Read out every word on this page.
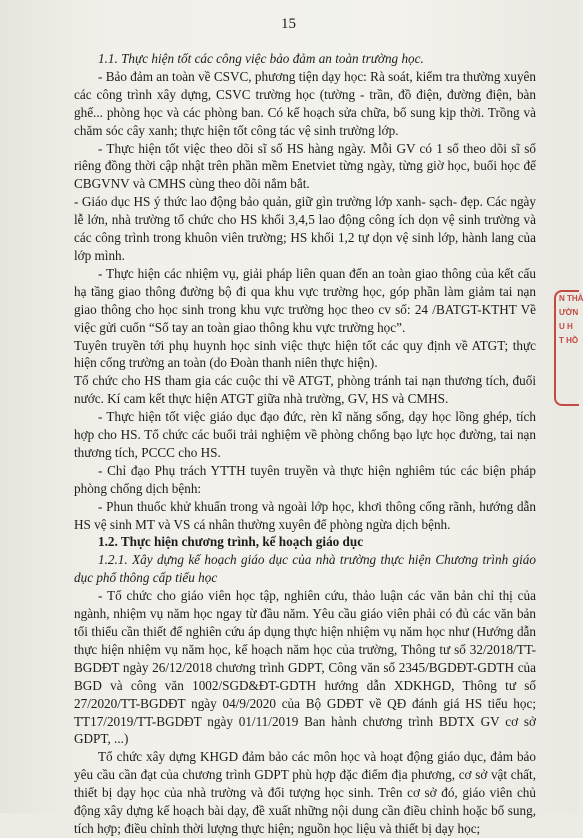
15

1.1. Thực hiện tốt các công việc bảo đảm an toàn trường học.

- Bảo đảm an toàn về CSVC, phương tiện dạy học: Rà soát, kiểm tra thường xuyên các công trình xây dựng, CSVC trường học (tường - trần, đồ điện, đường điện, bàn ghế... phòng học và các phòng ban. Có kế hoạch sửa chữa, bổ sung kịp thời. Trồng và chăm sóc cây xanh; thực hiện tốt công tác vệ sinh trường lớp.

- Thực hiện tốt việc theo dõi sĩ số HS hàng ngày. Mỗi GV có 1 sổ theo dõi sĩ số riêng đồng thời cập nhật trên phần mềm Enetviet từng ngày, từng giờ học, buổi học để CBGVNV và CMHS cùng theo dõi nắm bắt.

- Giáo dục HS ý thức lao động bảo quản, giữ gìn trường lớp xanh- sạch- đẹp. Các ngày lễ lớn, nhà trường tổ chức cho HS khối 3,4,5 lao động công ích dọn vệ sinh trường và các công trình trong khuôn viên trường; HS khối 1,2 tự dọn vệ sinh lớp, hành lang của lớp mình.

- Thực hiện các nhiệm vụ, giải pháp liên quan đến an toàn giao thông của kết cấu hạ tầng giao thông đường bộ đi qua khu vực trường học, góp phần làm giảm tai nạn giao thông cho học sinh trong khu vực trường học theo cv số: 24 /BATGT-KTHT Về việc gửi cuốn “Sổ tay an toàn giao thông khu vực trường học”.

Tuyên truyền tới phụ huynh học sinh việc thực hiện tốt các quy định về ATGT; thực hiện cổng trường an toàn (do Đoàn thanh niên thực hiện).

Tổ chức cho HS tham gia các cuộc thi về ATGT, phòng tránh tai nạn thương tích, đuối nước. Kí cam kết thực hiện ATGT giữa nhà trường, GV, HS và CMHS.

- Thực hiện tốt việc giáo dục đạo đức, rèn kĩ năng sống, dạy học lồng ghép, tích hợp cho HS. Tổ chức các buổi trải nghiệm về phòng chống bạo lực học đường, tai nạn thương tích, PCCC cho HS.

- Chỉ đạo Phụ trách YTTH tuyên truyền và thực hiện nghiêm túc các biện pháp phòng chống dịch bệnh:

- Phun thuốc khử khuẩn trong và ngoài lớp học, khơi thông cống rãnh, hướng dẫn HS vệ sinh MT và VS cá nhân thường xuyên để phòng ngừa dịch bệnh.

1.2. Thực hiện chương trình, kế hoạch giáo dục

1.2.1. Xây dựng kế hoạch giáo dục của nhà trường thực hiện Chương trình giáo dục phổ thông cấp tiểu học

- Tổ chức cho giáo viên học tập, nghiên cứu, thảo luận các văn bản chỉ thị của ngành, nhiệm vụ năm học ngay từ đầu năm. Yêu cầu giáo viên phải có đủ các văn bản tối thiểu cần thiết để nghiên cứu áp dụng thực hiện nhiệm vụ năm học như (Hướng dẫn thực hiện nhiệm vụ năm học, kế hoạch năm học của trường, Thông tư số 32/2018/TT-BGDĐT ngày 26/12/2018 chương trình GDPT, Công văn số 2345/BGDĐT-GDTH của BGD và công văn 1002/SGD&ĐT-GDTH hướng dẫn XDKHGD, Thông tư số 27/2020/TT-BGDĐT ngày 04/9/2020 của Bộ GDĐT về QĐ đánh giá HS tiểu học; TT17/2019/TT-BGDĐT ngày 01/11/2019 Ban hành chương trình BDTX GV cơ sở GDPT, ...)

Tổ chức xây dựng KHGD đảm bảo các môn học và hoạt động giáo dục, đảm bảo yêu cầu cần đạt của chương trình GDPT phù hợp đặc điểm địa phương, cơ sở vật chất, thiết bị dạy học của nhà trường và đối tượng học sinh. Trên cơ sở đó, giáo viên chủ động xây dựng kế hoạch bài dạy, đề xuất những nội dung cần điều chỉnh hoặc bổ sung, tích hợp; điều chỉnh thời lượng thực hiện; nguồn học liệu và thiết bị dạy học;

N THÀ
ƯỜN
U H
T HỒ
